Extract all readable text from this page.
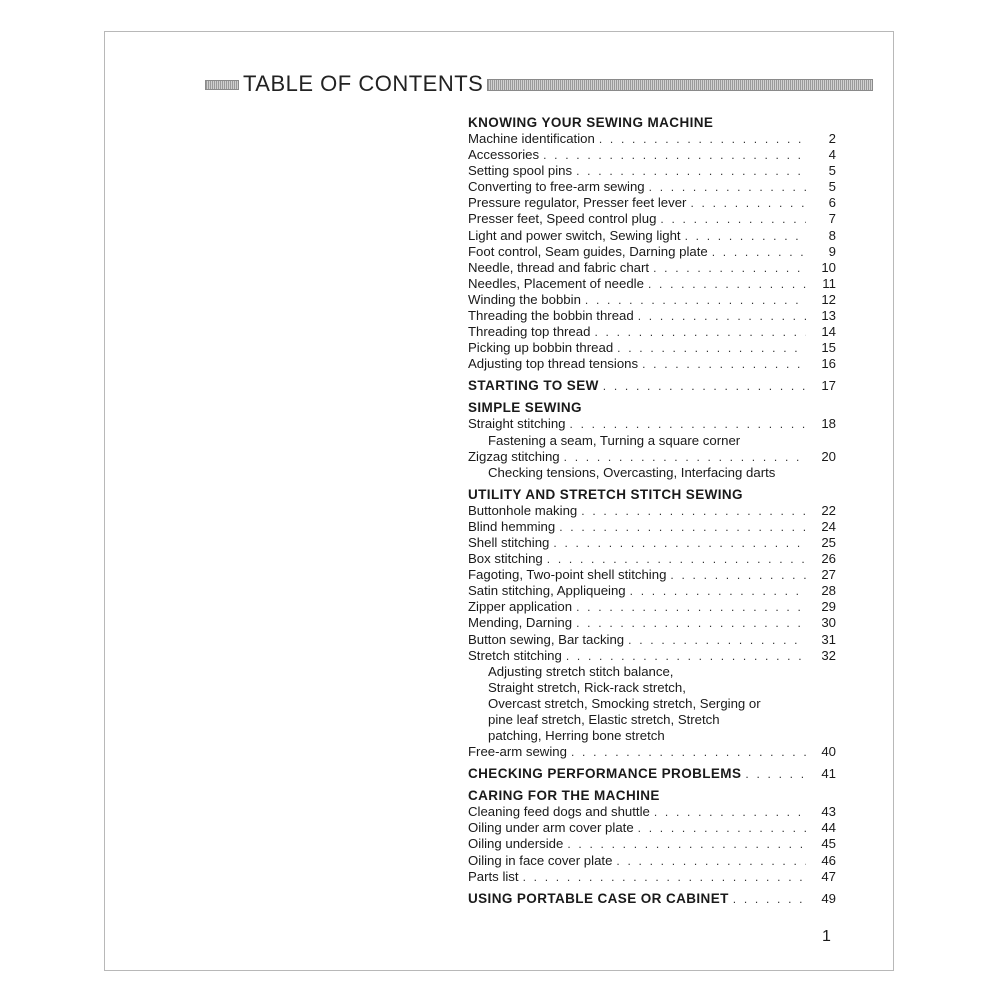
TABLE OF CONTENTS
KNOWING YOUR SEWING MACHINE
Machine identification . . .	2
Accessories . . .	4
Setting spool pins . . .	5
Converting to free-arm sewing . . .	5
Pressure regulator, Presser feet lever . . .	6
Presser feet, Speed control plug . . .	7
Light and power switch, Sewing light . . .	8
Foot control, Seam guides, Darning plate . . .	9
Needle, thread and fabric chart . . .	10
Needles, Placement of needle . . .	11
Winding the bobbin . . .	12
Threading the bobbin thread . . .	13
Threading top thread . . .	14
Picking up bobbin thread . . .	15
Adjusting top thread tensions . . .	16
STARTING TO SEW . . .	17
SIMPLE SEWING
Straight stitching . . .	18
Fastening a seam, Turning a square corner
Zigzag stitching . . .	20
Checking tensions, Overcasting, Interfacing darts
UTILITY AND STRETCH STITCH SEWING
Buttonhole making . . .	22
Blind hemming . . .	24
Shell stitching . . .	25
Box stitching . . .	26
Fagoting, Two-point shell stitching . . .	27
Satin stitching, Appliqueing . . .	28
Zipper application . . .	29
Mending, Darning . . .	30
Button sewing, Bar tacking . . .	31
Stretch stitching . . .	32
Adjusting stretch stitch balance,
Straight stretch, Rick-rack stretch,
Overcast stretch, Smocking stretch, Serging or
pine leaf stretch, Elastic stretch, Stretch
patching, Herring bone stretch
Free-arm sewing . . .	40
CHECKING PERFORMANCE PROBLEMS . . .	41
CARING FOR THE MACHINE
Cleaning feed dogs and shuttle . . .	43
Oiling under arm cover plate . . .	44
Oiling underside . . .	45
Oiling in face cover plate . . .	46
Parts list . . .	47
USING PORTABLE CASE OR CABINET . . .	49
1
